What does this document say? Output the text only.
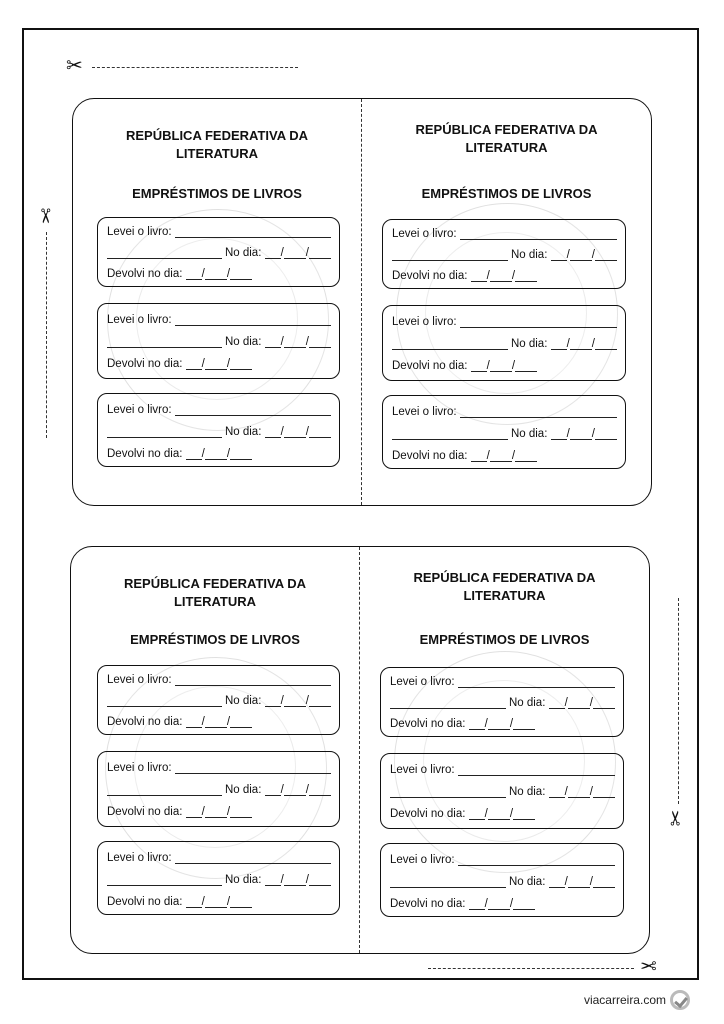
✂
✂
✂
✂
REPÚBLICA FEDERATIVA DA
LITERATURA
EMPRÉSTIMOS DE LIVROS
Levei o livro:
No dia:
/ /
Devolvi no dia:
/ /
Levei o livro:
No dia:
/ /
Devolvi no dia:
/ /
Levei o livro:
No dia:
/ /
Devolvi no dia:
/ /
REPÚBLICA FEDERATIVA DA
LITERATURA
EMPRÉSTIMOS DE LIVROS
Levei o livro:
No dia:
/ /
Devolvi no dia:
/ /
Levei o livro:
No dia:
/ /
Devolvi no dia:
/ /
Levei o livro:
No dia:
/ /
Devolvi no dia:
/ /
REPÚBLICA FEDERATIVA DA
LITERATURA
EMPRÉSTIMOS DE LIVROS
Levei o livro:
No dia:
/ /
Devolvi no dia:
/ /
Levei o livro:
No dia:
/ /
Devolvi no dia:
/ /
Levei o livro:
No dia:
/ /
Devolvi no dia:
/ /
REPÚBLICA FEDERATIVA DA
LITERATURA
EMPRÉSTIMOS DE LIVROS
Levei o livro:
No dia:
/ /
Devolvi no dia:
/ /
Levei o livro:
No dia:
/ /
Devolvi no dia:
/ /
Levei o livro:
No dia:
/ /
Devolvi no dia:
/ /
viacarreira.com
